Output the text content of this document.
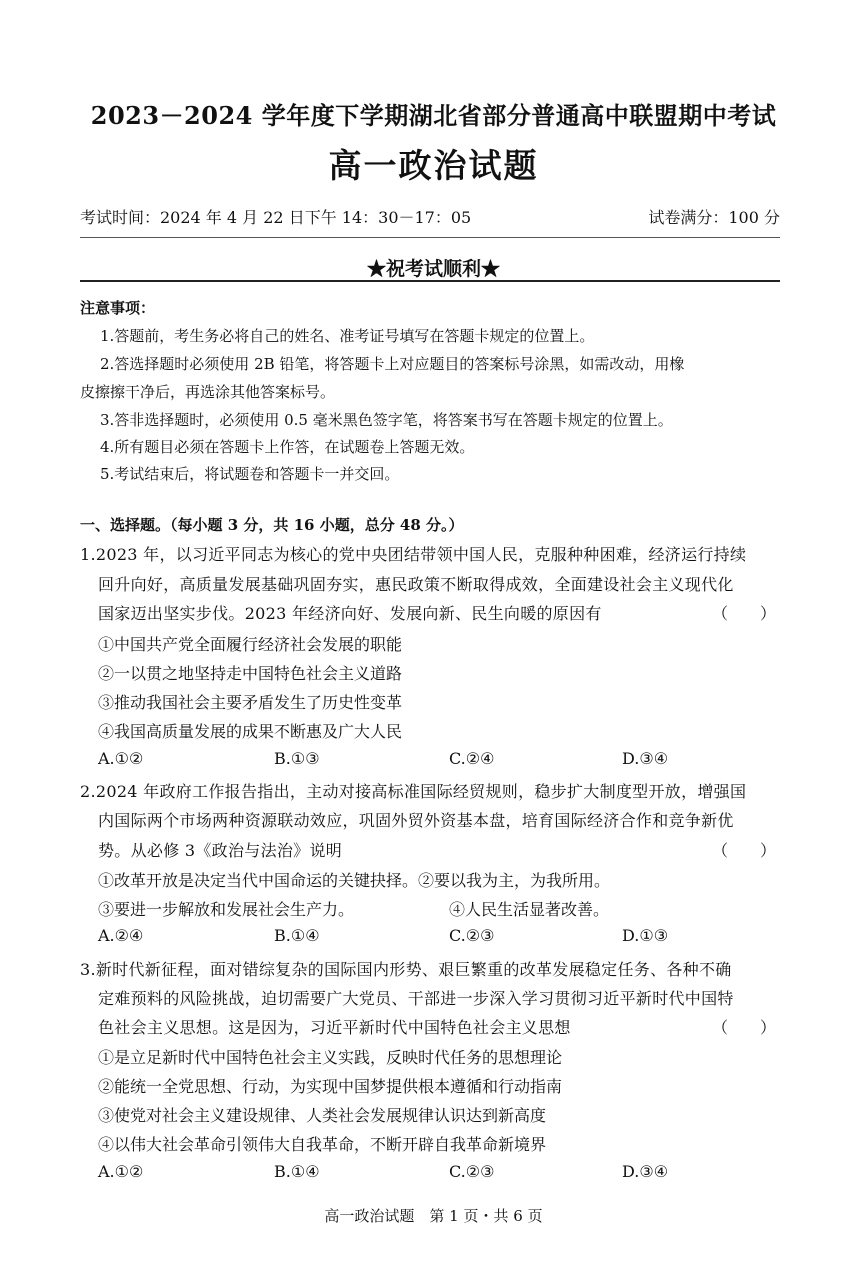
2023－2024 学年度下学期湖北省部分普通高中联盟期中考试
高一政治试题
考试时间：2024 年 4 月 22 日下午 14：30－17：05	试卷满分：100 分
★祝考试顺利★
注意事项：
1.答题前，考生务必将自己的姓名、准考证号填写在答题卡规定的位置上。
2.答选择题时必须使用 2B 铅笔，将答题卡上对应题目的答案标号涂黑，如需改动，用橡
皮擦擦干净后，再选涂其他答案标号。
3.答非选择题时，必须使用 0.5 毫米黑色签字笔，将答案书写在答题卡规定的位置上。
4.所有题目必须在答题卡上作答，在试题卷上答题无效。
5.考试结束后，将试题卷和答题卡一并交回。
一、选择题。（每小题 3 分，共 16 小题，总分 48 分。）
1.2023 年，以习近平同志为核心的党中央团结带领中国人民，克服种种困难，经济运行持续
回升向好，高质量发展基础巩固夯实，惠民政策不断取得成效，全面建设社会主义现代化
国家迈出坚实步伐。2023 年经济向好、发展向新、民生向暖的原因有	（　　）
①中国共产党全面履行经济社会发展的职能
②一以贯之地坚持走中国特色社会主义道路
③推动我国社会主要矛盾发生了历史性变革
④我国高质量发展的成果不断惠及广大人民
A.①②	B.①③	C.②④	D.③④
2.2024 年政府工作报告指出，主动对接高标准国际经贸规则，稳步扩大制度型开放，增强国
内国际两个市场两种资源联动效应，巩固外贸外资基本盘，培育国际经济合作和竞争新优
势。从必修 3《政治与法治》说明	（　　）
①改革开放是决定当代中国命运的关键抉择。②要以我为主，为我所用。
③要进一步解放和发展社会生产力。	④人民生活显著改善。
A.②④	B.①④	C.②③	D.①③
3.新时代新征程，面对错综复杂的国际国内形势、艰巨繁重的改革发展稳定任务、各种不确
定难预料的风险挑战，迫切需要广大党员、干部进一步深入学习贯彻习近平新时代中国特
色社会主义思想。这是因为，习近平新时代中国特色社会主义思想	（　　）
①是立足新时代中国特色社会主义实践，反映时代任务的思想理论
②能统一全党思想、行动，为实现中国梦提供根本遵循和行动指南
③使党对社会主义建设规律、人类社会发展规律认识达到新高度
④以伟大社会革命引领伟大自我革命，不断开辟自我革命新境界
A.①②	B.①④	C.②③	D.③④
高一政治试题　第 1 页・共 6 页
